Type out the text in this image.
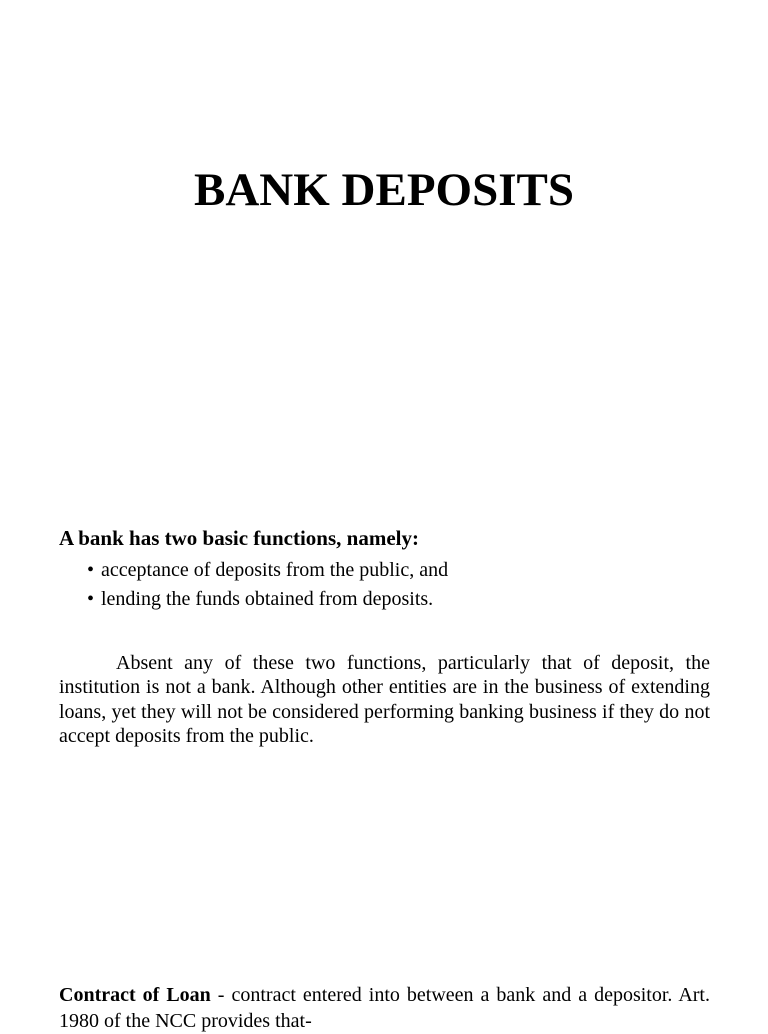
BANK DEPOSITS

A bank has two basic functions, namely:

• acceptance of deposits from the public, and
• lending the funds obtained from deposits.

Absent any of these two functions, particularly that of deposit, the institution is not a bank. Although other entities are in the business of extending loans, yet they will not be considered performing banking business if they do not accept deposits from the public.

Contract of Loan - contract entered into between a bank and a depositor. Art. 1980 of the NCC provides that-
